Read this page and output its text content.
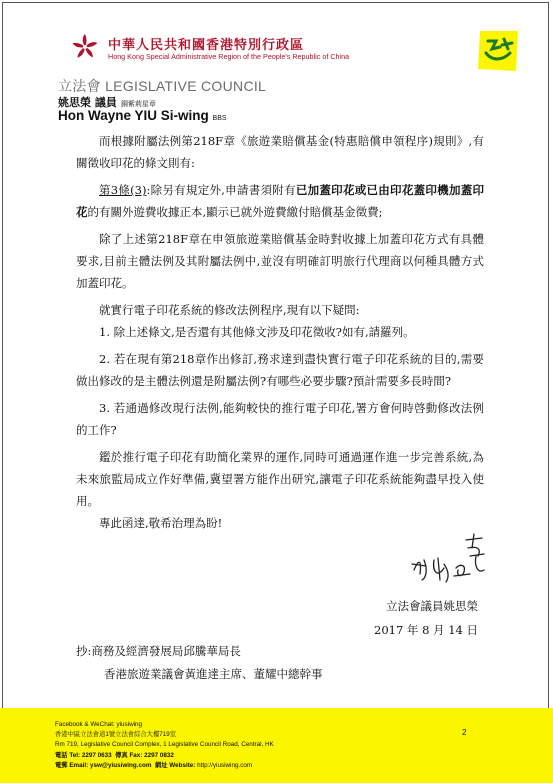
中華人民共和國香港特別行政區
Hong Kong Special Administrative Region of the People's Republic of China
立法會 LEGISLATIVE COUNCIL
姚思榮 議員 銅紫荊星章
Hon Wayne YIU Si-wing BBS

而根據附屬法例第218F章《旅遊業賠償基金(特惠賠償申領程序)規則》,有關徵收印花的條文則有:

第3條(3):除另有規定外,申請書須附有已加蓋印花或已由印花蓋印機加蓋印花的有關外遊費收據正本,顯示已就外遊費繳付賠償基金徵費;

除了上述第218F章在申領旅遊業賠償基金時對收據上加蓋印花方式有具體要求,目前主體法例及其附屬法例中,並沒有明確訂明旅行代理商以何種具體方式加蓋印花。

就實行電子印花系統的修改法例程序,現有以下疑問:

1. 除上述條文,是否還有其他條文涉及印花徵收?如有,請羅列。

2. 若在現有第218章作出修訂,務求達到盡快實行電子印花系統的目的,需要做出修改的是主體法例還是附屬法例?有哪些必要步驟?預計需要多長時間?

3. 若通過修改現行法例,能夠較快的推行電子印花,署方會何時啓動修改法例的工作?

鑑於推行電子印花有助簡化業界的運作,同時可通過運作進一步完善系統,為未來旅監局成立作好準備,冀望署方能作出研究,讓電子印花系統能夠盡早投入使用。

專此函達,敬希治理為盼!

立法會議員姚思榮
2017 年 8 月 14 日
抄:商務及經濟發展局邱騰華局長
香港旅遊業議會黃進達主席、董耀中總幹事
Facebook & WeChat: yiusiwing
香港中區立法會道1號立法會綜合大樓719室
Rm 719, Legislative Council Complex, 1 Legislative Council Road, Central, HK
電話 Tel: 2297 0633 傳真 Fax: 2297 0832
電郵 Email: ysw@yiusiwing.com 網址 Website: http://yiusiwing.com
2
